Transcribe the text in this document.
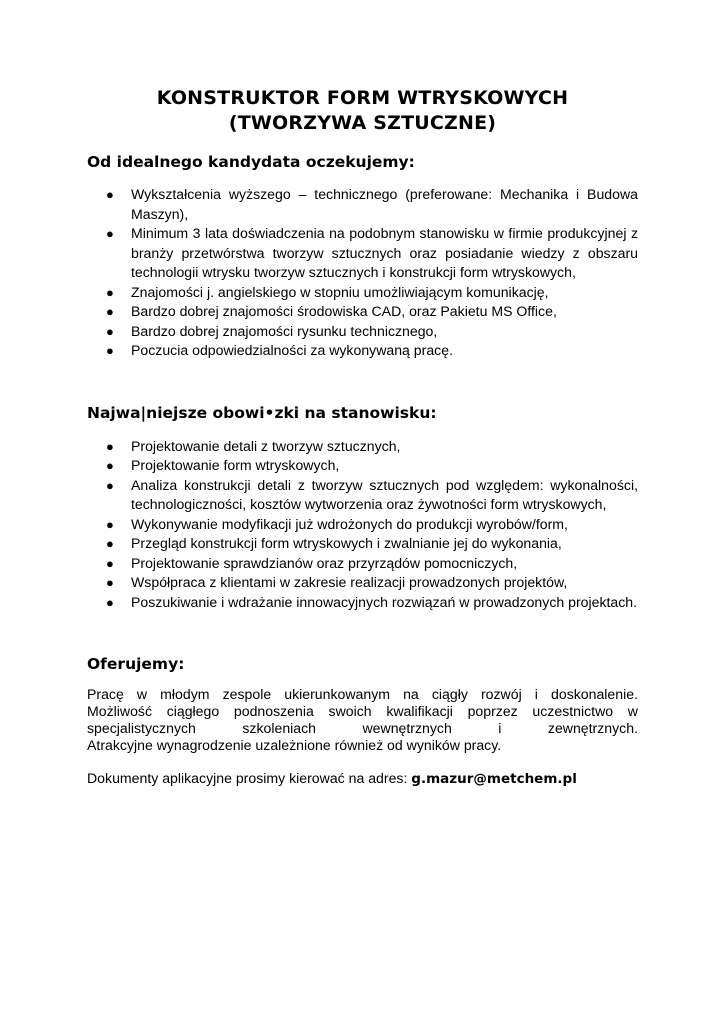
KONSTRUKTOR FORM WTRYSKOWYCH
(TWORZYWA SZTUCZNE)
Od idealnego kandydata oczekujemy:
● Wykształcenia wyższego – technicznego (preferowane: Mechanika i Budowa Maszyn),
● Minimum 3 lata doświadczenia na podobnym stanowisku w firmie produkcyjnej z branży przetwórstwa tworzyw sztucznych oraz posiadanie wiedzy z obszaru technologii wtrysku tworzyw sztucznych i konstrukcji form wtryskowych,
● Znajomości j. angielskiego w stopniu umożliwiającym komunikację,
● Bardzo dobrej znajomości środowiska CAD, oraz Pakietu MS Office,
● Bardzo dobrej znajomości rysunku technicznego,
● Poczucia odpowiedzialności za wykonywaną pracę.
Najwa|niejsze obowi•zki na stanowisku:
● Projektowanie detali z tworzyw sztucznych,
● Projektowanie form wtryskowych,
● Analiza konstrukcji detali z tworzyw sztucznych pod względem: wykonalności, technologiczności, kosztów wytworzenia oraz żywotności form wtryskowych,
● Wykonywanie modyfikacji już wdrożonych do produkcji wyrobów/form,
● Przegląd konstrukcji form wtryskowych i zwalnianie jej do wykonania,
● Projektowanie sprawdzianów oraz przyrządów pomocniczych,
● Współpraca z klientami w zakresie realizacji prowadzonych projektów,
● Poszukiwanie i wdrażanie innowacyjnych rozwiązań w prowadzonych projektach.
Oferujemy:

Pracę w młodym zespole ukierunkowanym na ciągły rozwój i doskonalenie.
Możliwość ciągłego podnoszenia swoich kwalifikacji poprzez uczestnictwo w
specjalistycznych szkoleniach wewnętrznych i zewnętrznych.
Atrakcyjne wynagrodzenie uzależnione również od wyników pracy.

Dokumenty aplikacyjne prosimy kierować na adres: g.mazur@metchem.pl
